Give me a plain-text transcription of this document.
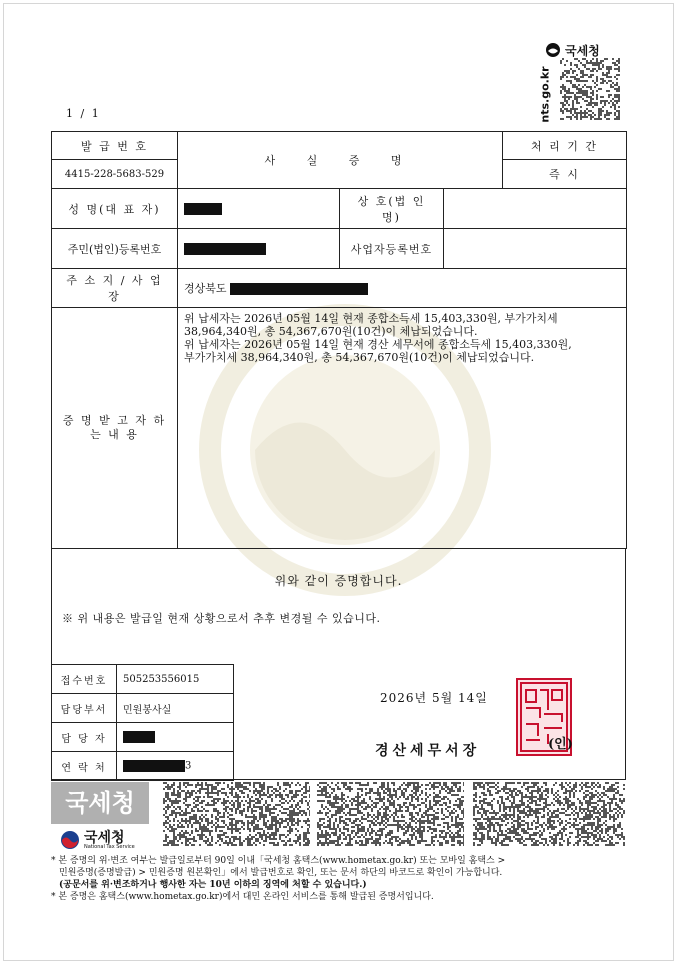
1 / 1
국세청
nts.go.kr
발 급 번 호	사 실 증 명			처 리 기 간
4415-228-5683-529				즉 시
성 명(대 표 자)		상 호(법 인 명)		
주민(법인)등록번호		사업자등록번호		
주 소 지 / 사 업 장	경상북도			
증 명 받 고 자 하 는 내 용	위 납세자는 2026년 05월 14일 현재 종합소득세 15,403,330원, 부가가치세
38,964,340원, 총 54,367,670원(10건)이 체납되었습니다.
위 납세자는 2026년 05월 14일 현재 경산 세무서에 종합소득세 15,403,330원,
부가가치세 38,964,340원, 총 54,367,670원(10건)이 체납되었습니다.			
위와 같이 증명합니다.
※ 위 내용은 발급일 현재 상황으로서 추후 변경될 수 있습니다.
접수번호	505253556015
담당부서	민원봉사실
담 당 자	
연 락 처	3
2026년 5월 14일
경산세무서장	(인)
국세청
국세청
National Tax Service
* 본 증명의 위·변조 여부는 발급일로부터 90일 이내「국세청 홈택스(www.hometax.go.kr) 또는 모바일 홈택스 >
민원증명(증명발급) > 민원증명 원본확인」에서 발급번호로 확인, 또는 문서 하단의 바코드로 확인이 가능합니다.
(공문서를 위·변조하거나 행사한 자는 10년 이하의 징역에 처할 수 있습니다.)
* 본 증명은 홈택스(www.hometax.go.kr)에서 대민 온라인 서비스를 통해 발급된 증명서입니다.
